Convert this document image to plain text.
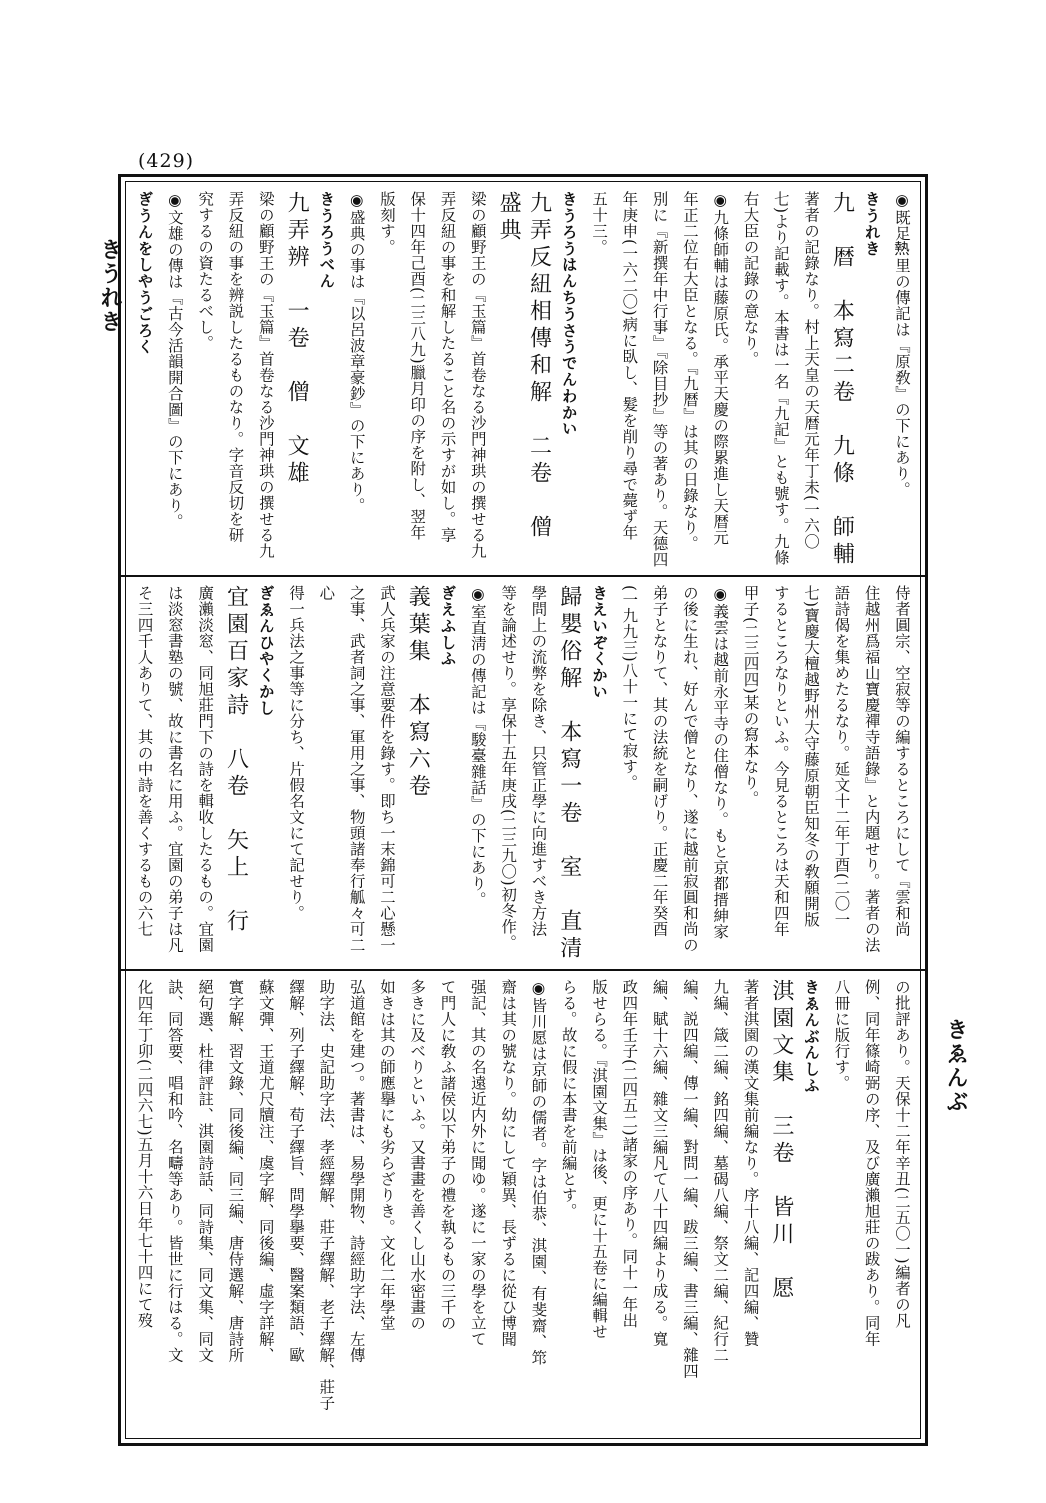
(429)
きうれき
きゑんぶ
◉既足𤍠里の傳記は『原敎』の下にあり。
きうれき
九　暦　本寫二卷　九條　師輔
著者の記錄なり。村上天皇の天暦元年丁未(一六〇
七)より記載す。本書は一名『九記』とも號す。九條
右大臣の記錄の意なり。
◉九條師輔は藤原氏。承平天慶の際累進し天暦元
年正二位右大臣となる。『九暦』は其の日錄なり。
別に『新撰年中行事』『除目抄』等の著あり。天德四
年庚申(一六二〇)病に臥し、髮を削り尋で薨ず年
五十三。
きうろうはんちうさうでんわかい
九弄反紐相傳和解　二卷　僧　盛典
梁の顧野王の『玉篇』首卷なる沙門神珙の撰せる九
弄反紐の事を和解したること名の示すが如し。享
保十四年己酉(二三八九)臘月印の序を附し、翌年
版刻す。
◉盛典の事は『以呂波章豪鈔』の下にあり。
きうろうべん
九弄辨　一卷　僧　文雄
梁の顧野王の『玉篇』首卷なる沙門神珙の撰せる九
弄反紐の事を辨説したるものなり。字音反切を研
究するの資たるべし。
◉文雄の傳は『古今活韻開合圖』の下にあり。
ぎうんをしやうごろく
侍者圓宗、空寂等の編するところにして『雲和尚
住越州爲福山寶慶禪寺語錄』と内題せり。著者の法
語詩偈を集めたるなり。延文十二年丁酉(二〇一
七)寶慶大檀越野州大守藤原朝臣知冬の敎願開版
するところなりといふ。今見るところは天和四年
甲子(二三四四)某の寫本なり。
◉義雲は越前永平寺の住僧なり。もと京都搢紳家
の後に生れ、好んで僧となり、遂に越前寂圓和尚の
弟子となりて、其の法統を嗣げり。正慶二年癸酉
(一九九三)八十一にて寂す。
きえいぞくかい
歸嬰俗解　本寫一卷　室　直清
學問上の流弊を除き、只管正學に向進すべき方法
等を論述せり。享保十五年庚戌(二三九〇)初冬作。
◉室直淸の傳記は『駿臺雜話』の下にあり。
ぎえふしふ
義葉集　本寫六卷
武人兵家の注意要件を錄す。即ち一末錦可二心懸一
之事、武者詞之事、軍用之事、物頭諸奉行觚々可二心
得一兵法之事等に分ち、片假名文にて記せり。
ぎゑんひやくかし
宜園百家詩　八卷　矢上　行
廣瀨淡窓、同旭莊門下の詩を輯收したるもの。宜園
は淡窓書塾の號、故に書名に用ふ。宜園の弟子は凡
そ三四千人ありて、其の中詩を善くするもの六七
の批評あり。天保十二年辛丑(二五〇一)編者の凡
例、同年篠崎弼の序、及び廣瀨旭莊の跋あり。同年
八冊に版行す。
きゑんぶんしふ
淇園文集　三卷　皆川　愿
著者淇園の漢文集前編なり。序十八編、記四編、贊
九編、箴二編、銘四編、墓碣八編、祭文二編、紀行二
編、説四編、傳一編、對問一編、跋三編、書三編、雜四
編、賦十六編、雜文三編凡て八十四編より成る。寬
政四年壬子(二四五二)諸家の序あり。同十一年出
版せらる。『淇園文集』は後、更に十五卷に編輯せ
らる。故に假に本書を前編とす。
◉皆川愿は京師の儒者。字は伯恭、淇園、有斐齋、筇
齋は其の號なり。幼にして穎異、長ずるに從ひ博聞
强記、其の名遠近内外に聞ゆ。遂に一家の學を立て
て門人に敎ふ諸侯以下弟子の禮を執るもの三千の
多きに及べりといふ。又書畫を善くし山水密畫の
如きは其の師應擧にも劣らざりき。文化二年學堂
弘道館を建つ。著書は、易學開物、詩經助字法、左傳
助字法、史記助字法、孝經繹解、莊子繹解、老子繹解、莊子
繹解、列子繹解、荀子繹旨、問學擧要、醫案類語、歐
蘇文彈、王道尤尺牘注、虞字解、同後編、虛字詳解、
實字解、習文錄、同後編、同三編、唐侍選解、唐詩所
絕句選、杜律評註、淇園詩話、同詩集、同文集、同文
訣、同答要、唱和吟、名疇等あり。皆世に行はる。文
化四年丁卯(二四六七)五月十六日年七十四にて歿
